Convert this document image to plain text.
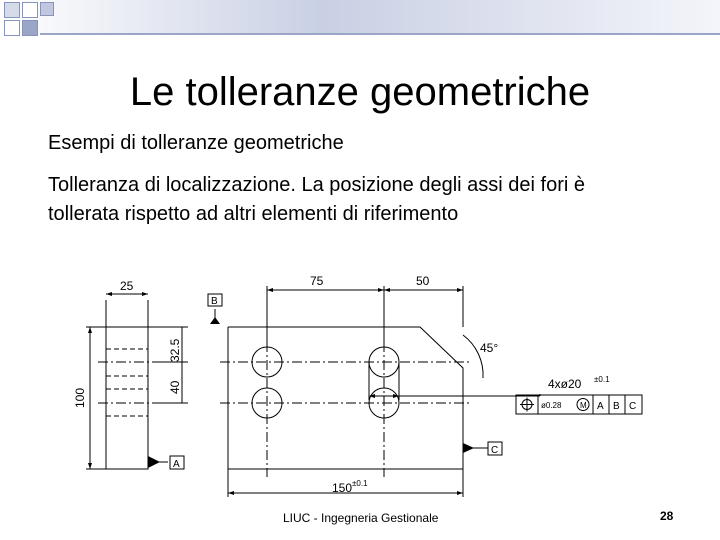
Le tolleranze geometriche
Esempi di tolleranze geometriche
Tolleranza di localizzazione. La posizione degli assi dei fori è tollerata rispetto ad altri elementi di riferimento
25	75	50
45°
4xø20 ±0.1
150 ±0.1
B
A
C
ø0.28 M A B C
100
32.5
40
LIUC - Ingegneria Gestionale	28
